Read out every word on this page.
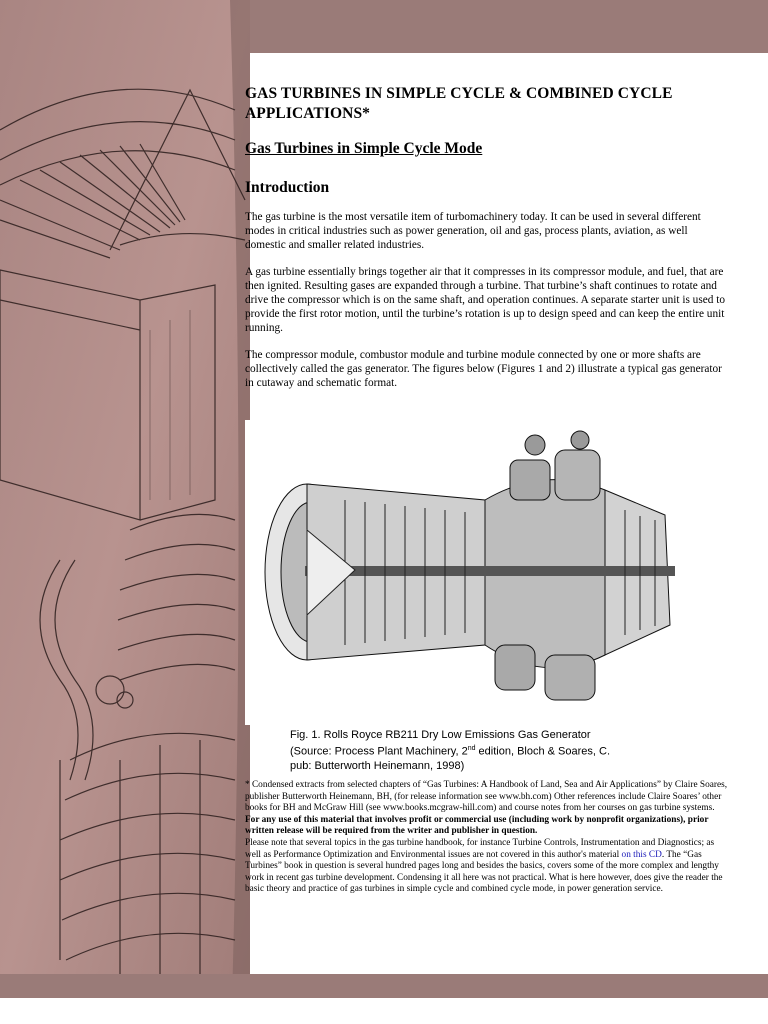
GAS TURBINES IN SIMPLE CYCLE & COMBINED CYCLE APPLICATIONS*
Gas Turbines in Simple Cycle Mode
Introduction

The gas turbine is the most versatile item of turbomachinery today. It can be used in several different modes in critical industries such as power generation, oil and gas, process plants, aviation, as well domestic and smaller related industries.

A gas turbine essentially brings together air that it compresses in its compressor module, and fuel, that are then ignited. Resulting gases are expanded through a turbine. That turbine’s shaft continues to rotate and drive the compressor which is on the same shaft, and operation continues. A separate starter unit is used to provide the first rotor motion, until the turbine’s rotation is up to design speed and can keep the entire unit running.

The compressor module, combustor module and turbine module connected by one or more shafts are collectively called the gas generator. The figures below (Figures 1 and 2) illustrate a typical gas generator in cutaway and schematic format.

Fig. 1. Rolls Royce RB211 Dry Low Emissions Gas Generator
(Source: Process Plant Machinery, 2nd edition, Bloch & Soares, C.
pub: Butterworth Heinemann, 1998)
* Condensed extracts from selected chapters of “Gas Turbines: A Handbook of Land, Sea and Air Applications” by Claire Soares, publisher Butterworth Heinemann, BH, (for release information see www.bh.com) Other references include Claire Soares’ other books for BH and McGraw Hill (see www.books.mcgraw-hill.com) and course notes from her courses on gas turbine systems. For any use of this material that involves profit or commercial use (including work by nonprofit organizations), prior written release will be required from the writer and publisher in question.
Please note that several topics in the gas turbine handbook, for instance Turbine Controls, Instrumentation and Diagnostics; as well as Performance Optimization and Environmental issues are not covered in this author's material on this CD. The “Gas Turbines” book in question is several hundred pages long and besides the basics, covers some of the more complex and lengthy work in recent gas turbine development. Condensing it all here was not practical. What is here however, does give the reader the basic theory and practice of gas turbines in simple cycle and combined cycle mode, in power generation service.
